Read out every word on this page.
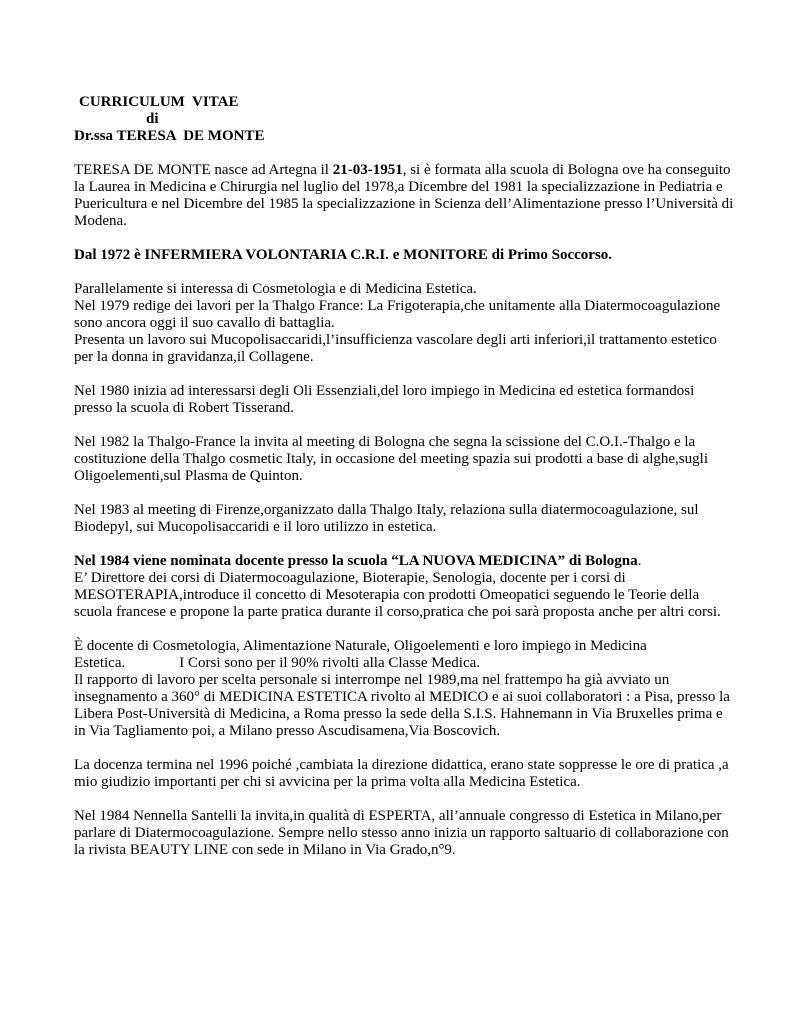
CURRICULUM  VITAE
di
Dr.ssa TERESA  DE MONTE

TERESA DE MONTE nasce ad Artegna il 21-03-1951, si è formata alla scuola di Bologna ove ha conseguito la Laurea in Medicina e Chirurgia nel luglio del 1978,a Dicembre del 1981 la specializzazione in Pediatria e Puericultura e nel Dicembre del 1985 la specializzazione in Scienza dell’Alimentazione presso l’Università di Modena.

Dal 1972 è INFERMIERA VOLONTARIA C.R.I. e MONITORE di Primo Soccorso.

Parallelamente si interessa di Cosmetologia e di Medicina Estetica.
Nel 1979 redige dei lavori per la Thalgo France: La Frigoterapia,che unitamente alla Diatermocoagulazione sono ancora oggi il suo cavallo di battaglia.
Presenta un lavoro sui Mucopolisaccaridi,l’insufficienza vascolare degli arti inferiori,il trattamento estetico per la donna in gravidanza,il Collagene.

Nel 1980 inizia ad interessarsi degli Oli Essenziali,del loro impiego in Medicina ed estetica formandosi presso la scuola di Robert Tisserand.

Nel 1982 la Thalgo-France la invita al meeting di Bologna che segna la scissione del C.O.I.-Thalgo e la costituzione della Thalgo cosmetic Italy, in occasione del meeting spazia sui prodotti a base di alghe,sugli Oligoelementi,sul Plasma de Quinton.

Nel 1983 al meeting di Firenze,organizzato dalla Thalgo Italy, relaziona sulla diatermocoagulazione, sul Biodepyl, sui Mucopolisaccaridi e il loro utilizzo in estetica.

Nel 1984 viene nominata docente presso la scuola “LA NUOVA MEDICINA” di Bologna.
E’ Direttore dei corsi di Diatermocoagulazione, Bioterapie, Senologia, docente per i corsi di MESOTERAPIA,introduce il concetto di Mesoterapia con prodotti Omeopatici seguendo le Teorie della scuola francese e propone la parte pratica durante il corso,pratica che poi sarà proposta anche per altri corsi.

È docente di Cosmetologia, Alimentazione Naturale, Oligoelementi e loro impiego in Medicina
Estetica.	I Corsi sono per il 90% rivolti alla Classe Medica.
Il rapporto di lavoro per scelta personale si interrompe nel 1989,ma nel frattempo ha già avviato un insegnamento a 360° di MEDICINA ESTETICA rivolto al MEDICO e ai suoi collaboratori : a Pisa, presso la Libera Post-Università di Medicina, a Roma presso la sede della S.I.S. Hahnemann in Via Bruxelles prima e in Via Tagliamento poi, a Milano presso Ascudisamena,Via Boscovich.

La docenza termina nel 1996 poiché ,cambiata la direzione didattica, erano state soppresse le ore di pratica ,a mio giudizio importanti per chi si avvicina per la prima volta alla Medicina Estetica.

Nel 1984 Nennella Santelli la invita,in qualità di ESPERTA, all’annuale congresso di Estetica in Milano,per parlare di Diatermocoagulazione. Sempre nello stesso anno inizia un rapporto saltuario di collaborazione con la rivista BEAUTY LINE con sede in Milano in Via Grado,n°9.
